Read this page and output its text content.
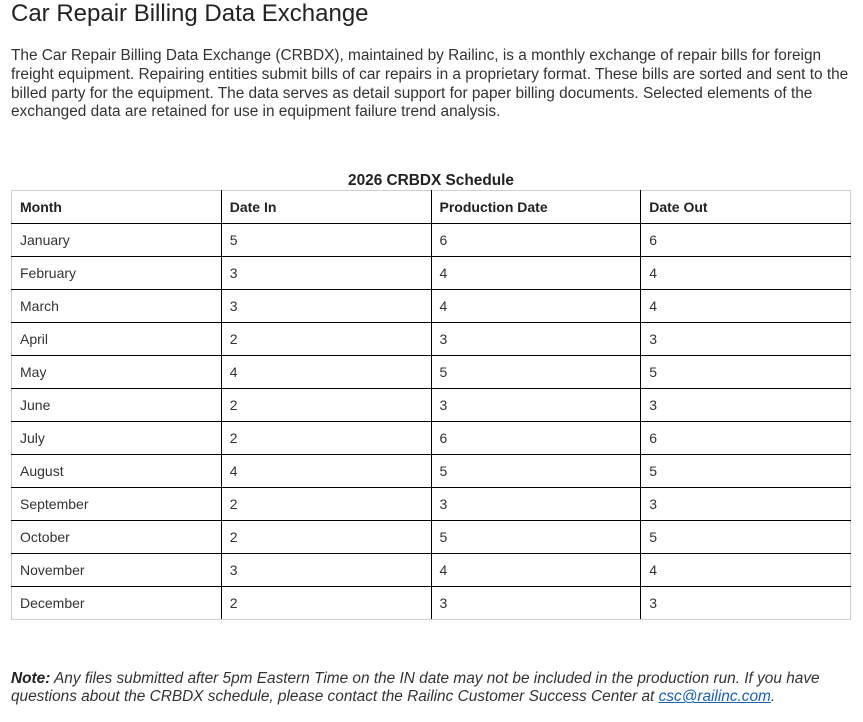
Car Repair Billing Data Exchange

The Car Repair Billing Data Exchange (CRBDX), maintained by Railinc, is a monthly exchange of repair bills for foreign freight equipment. Repairing entities submit bills of car repairs in a proprietary format. These bills are sorted and sent to the billed party for the equipment. The data serves as detail support for paper billing documents. Selected elements of the exchanged data are retained for use in equipment failure trend analysis.

2026 CRBDX Schedule
Month	Date In	Production Date	Date Out
January	5	6	6
February	3	4	4
March	3	4	4
April	2	3	3
May	4	5	5
June	2	3	3
July	2	6	6
August	4	5	5
September	2	3	3
October	2	5	5
November	3	4	4
December	2	3	3

Note: Any files submitted after 5pm Eastern Time on the IN date may not be included in the production run. If you have questions about the CRBDX schedule, please contact the Railinc Customer Success Center at csc@railinc.com.
